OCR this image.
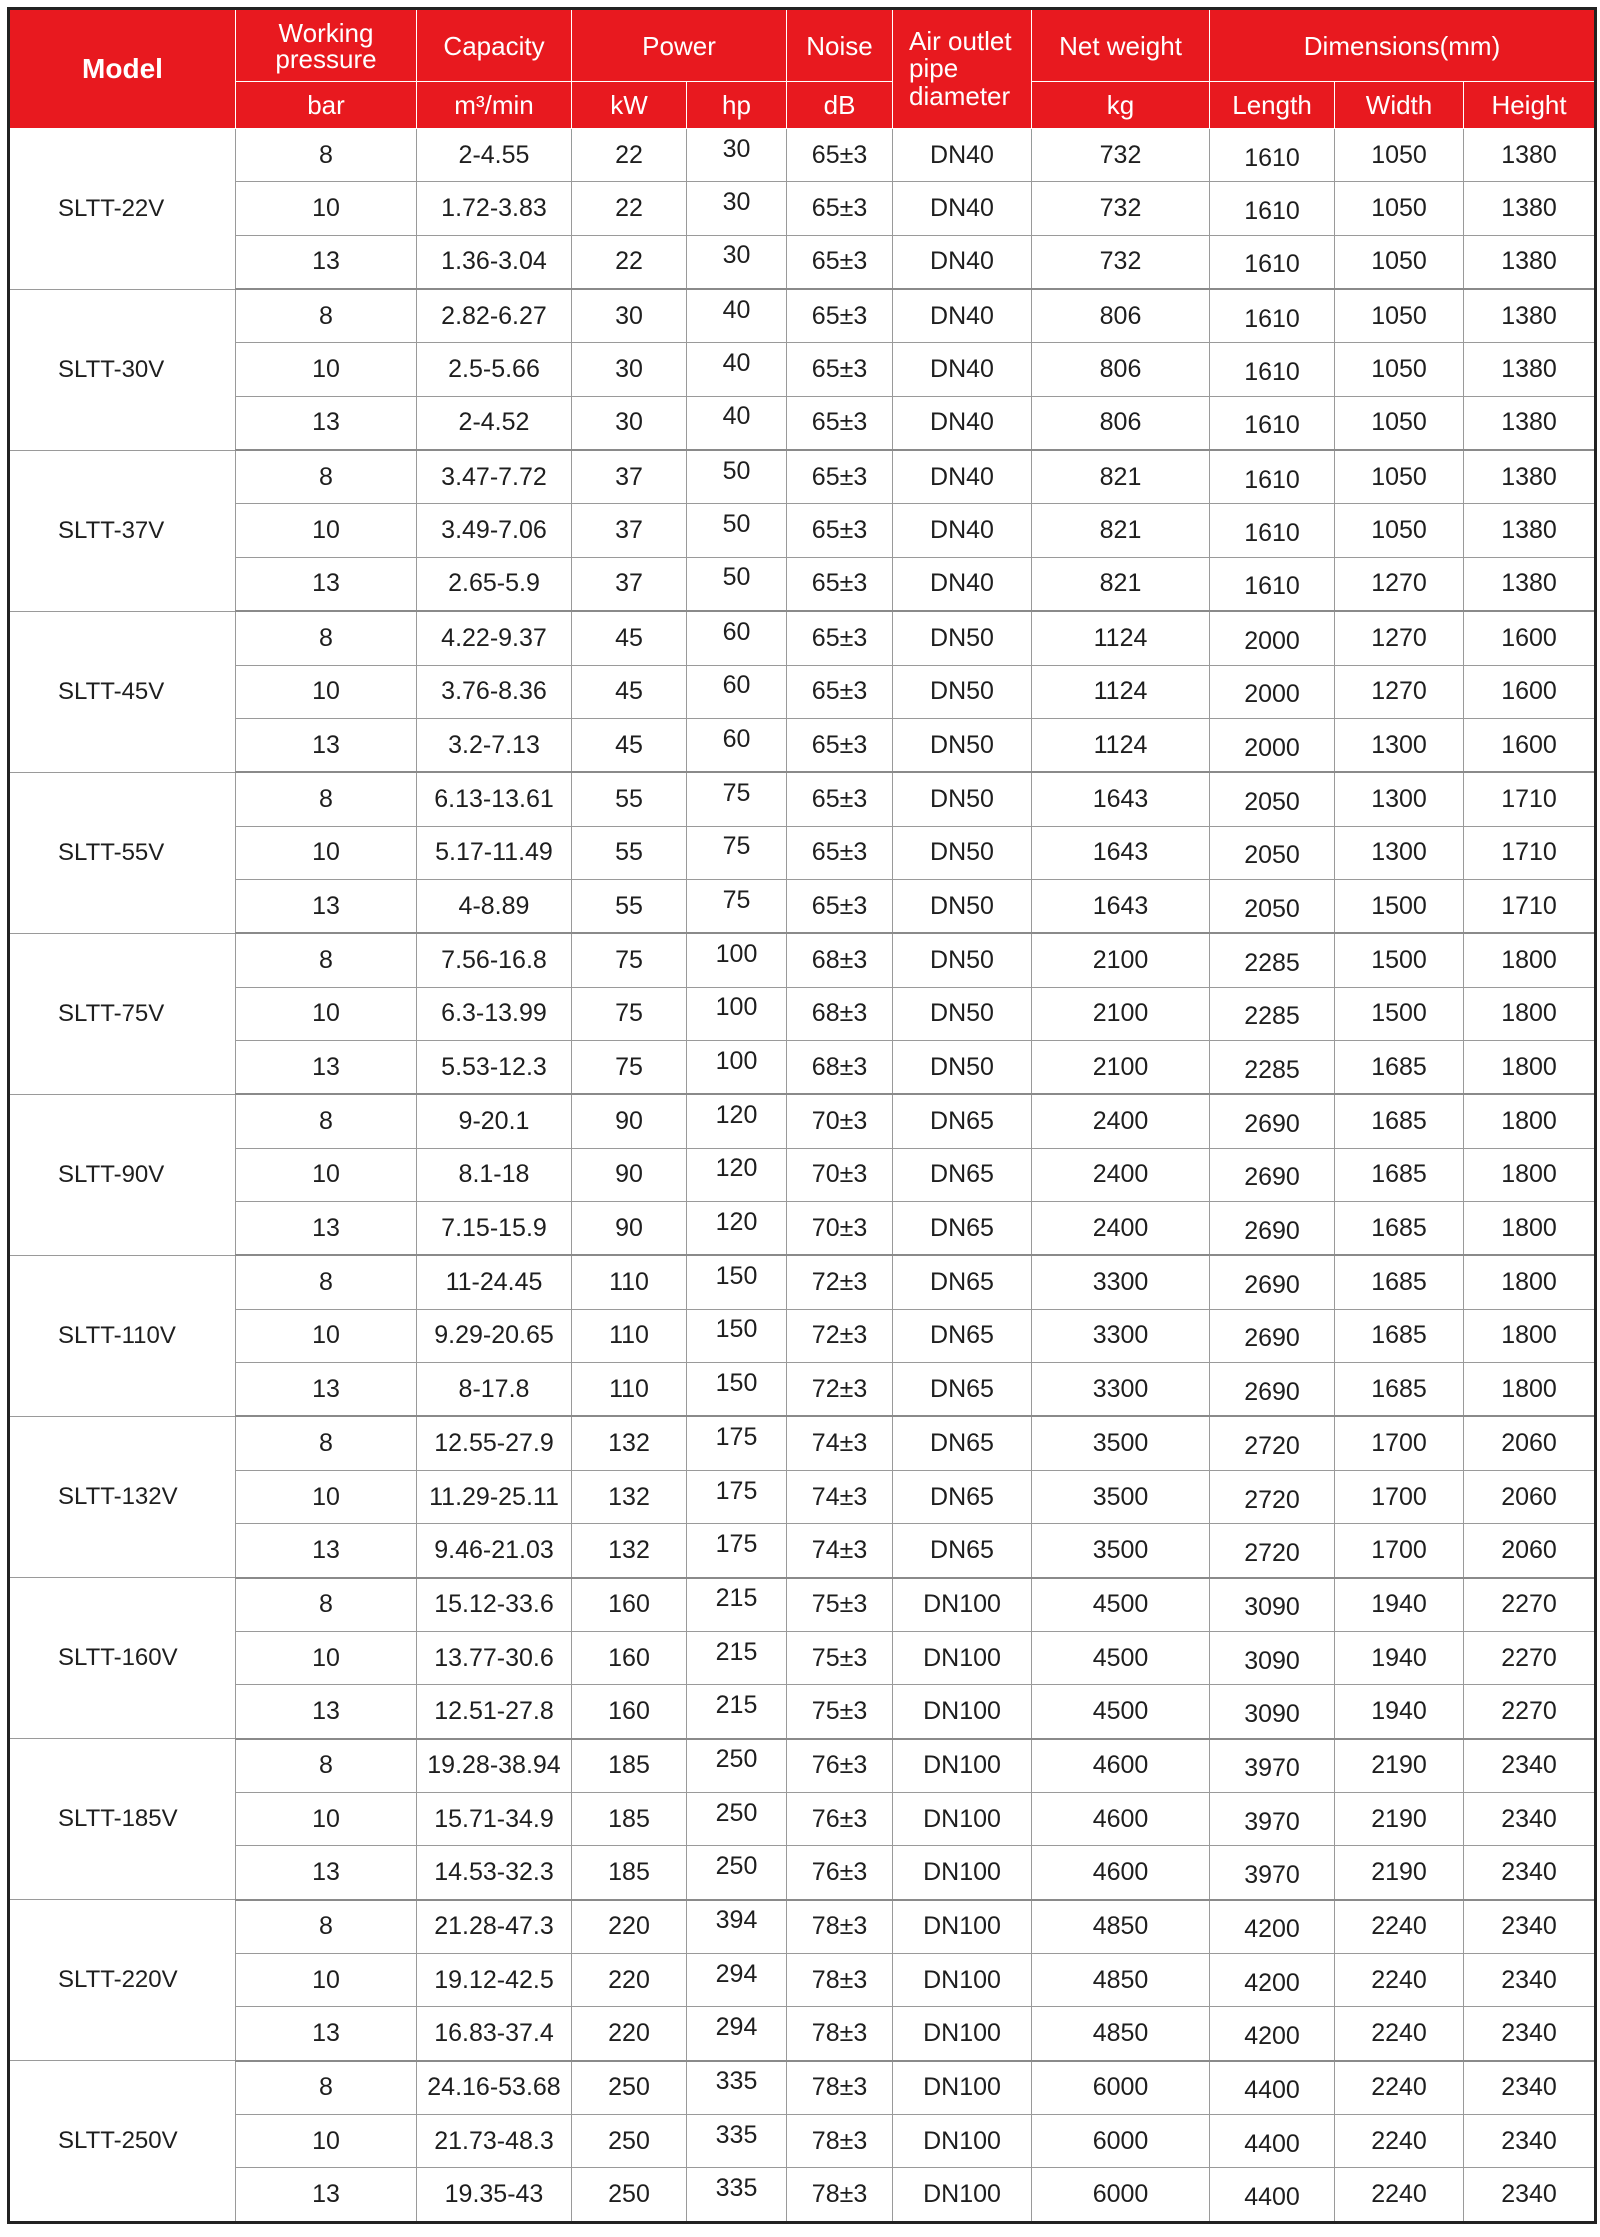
Model	Working pressure	Capacity	Power		Noise	Air outlet pipe diameter	Net weight	Dimensions(mm)		
	bar	m³/min	kW	hp	dB		kg	Length	Width	Height
SLTT-22V	8	2-4.55	22	30	65±3	DN40	732	1610	1050	1380
	10	1.72-3.83	22	30	65±3	DN40	732	1610	1050	1380
	13	1.36-3.04	22	30	65±3	DN40	732	1610	1050	1380
SLTT-30V	8	2.82-6.27	30	40	65±3	DN40	806	1610	1050	1380
	10	2.5-5.66	30	40	65±3	DN40	806	1610	1050	1380
	13	2-4.52	30	40	65±3	DN40	806	1610	1050	1380
SLTT-37V	8	3.47-7.72	37	50	65±3	DN40	821	1610	1050	1380
	10	3.49-7.06	37	50	65±3	DN40	821	1610	1050	1380
	13	2.65-5.9	37	50	65±3	DN40	821	1610	1270	1380
SLTT-45V	8	4.22-9.37	45	60	65±3	DN50	1124	2000	1270	1600
	10	3.76-8.36	45	60	65±3	DN50	1124	2000	1270	1600
	13	3.2-7.13	45	60	65±3	DN50	1124	2000	1300	1600
SLTT-55V	8	6.13-13.61	55	75	65±3	DN50	1643	2050	1300	1710
	10	5.17-11.49	55	75	65±3	DN50	1643	2050	1300	1710
	13	4-8.89	55	75	65±3	DN50	1643	2050	1500	1710
SLTT-75V	8	7.56-16.8	75	100	68±3	DN50	2100	2285	1500	1800
	10	6.3-13.99	75	100	68±3	DN50	2100	2285	1500	1800
	13	5.53-12.3	75	100	68±3	DN50	2100	2285	1685	1800
SLTT-90V	8	9-20.1	90	120	70±3	DN65	2400	2690	1685	1800
	10	8.1-18	90	120	70±3	DN65	2400	2690	1685	1800
	13	7.15-15.9	90	120	70±3	DN65	2400	2690	1685	1800
SLTT-110V	8	11-24.45	110	150	72±3	DN65	3300	2690	1685	1800
	10	9.29-20.65	110	150	72±3	DN65	3300	2690	1685	1800
	13	8-17.8	110	150	72±3	DN65	3300	2690	1685	1800
SLTT-132V	8	12.55-27.9	132	175	74±3	DN65	3500	2720	1700	2060
	10	11.29-25.11	132	175	74±3	DN65	3500	2720	1700	2060
	13	9.46-21.03	132	175	74±3	DN65	3500	2720	1700	2060
SLTT-160V	8	15.12-33.6	160	215	75±3	DN100	4500	3090	1940	2270
	10	13.77-30.6	160	215	75±3	DN100	4500	3090	1940	2270
	13	12.51-27.8	160	215	75±3	DN100	4500	3090	1940	2270
SLTT-185V	8	19.28-38.94	185	250	76±3	DN100	4600	3970	2190	2340
	10	15.71-34.9	185	250	76±3	DN100	4600	3970	2190	2340
	13	14.53-32.3	185	250	76±3	DN100	4600	3970	2190	2340
SLTT-220V	8	21.28-47.3	220	394	78±3	DN100	4850	4200	2240	2340
	10	19.12-42.5	220	294	78±3	DN100	4850	4200	2240	2340
	13	16.83-37.4	220	294	78±3	DN100	4850	4200	2240	2340
SLTT-250V	8	24.16-53.68	250	335	78±3	DN100	6000	4400	2240	2340
	10	21.73-48.3	250	335	78±3	DN100	6000	4400	2240	2340
	13	19.35-43	250	335	78±3	DN100	6000	4400	2240	2340
